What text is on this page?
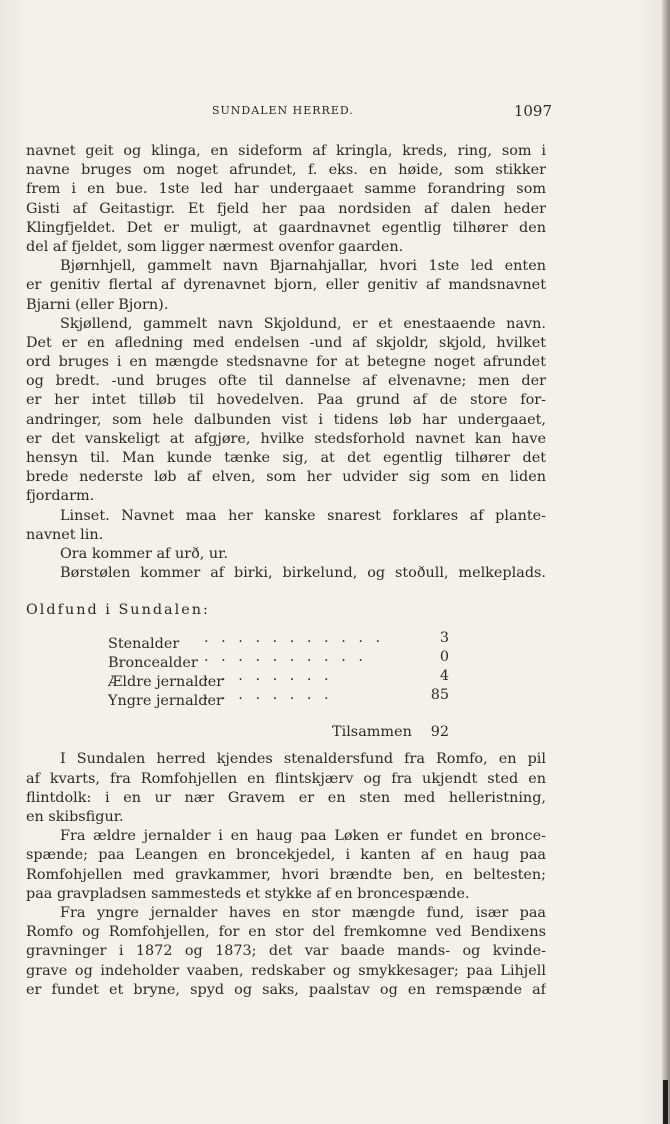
SUNDALEN HERRED.	1097
navnet geit og klinga, en sideform af kringla, kreds, ring, som i
navne bruges om noget afrundet, f. eks. en høide, som stikker
frem i en bue. 1ste led har undergaaet samme forandring som
Gisti af Geitastigr. Et fjeld her paa nordsiden af dalen heder
Klingfjeldet. Det er muligt, at gaardnavnet egentlig tilhører den
del af fjeldet, som ligger nærmest ovenfor gaarden.
Bjørnhjell, gammelt navn Bjarnahjallar, hvori 1ste led enten
er genitiv flertal af dyrenavnet bjorn, eller genitiv af mandsnavnet
Bjarni (eller Bjorn).
Skjøllend, gammelt navn Skjoldund, er et enestaaende navn.
Det er en afledning med endelsen -und af skjoldr, skjold, hvilket
ord bruges i en mængde stedsnavne for at betegne noget afrundet
og bredt. -und bruges ofte til dannelse af elvenavne; men der
er her intet tilløb til hovedelven. Paa grund af de store for-
andringer, som hele dalbunden vist i tidens løb har undergaaet,
er det vanskeligt at afgjøre, hvilke stedsforhold navnet kan have
hensyn til. Man kunde tænke sig, at det egentlig tilhører det
brede nederste løb af elven, som her udvider sig som en liden
fjordarm.
Linset. Navnet maa her kanske snarest forklares af plante-
navnet lin.
Ora kommer af urð, ur.
Børstølen kommer af birki, birkelund, og stoðull, melkeplads.
Oldfund i Sundalen:
Stenalder . . . . . . . . . . .	3
Broncealder . . . . . . . . . .	0
Ældre jernalder. . . . . . . .	4
Yngre jernalder. . . . . . . .	85
Tilsammen	92
I Sundalen herred kjendes stenaldersfund fra Romfo, en pil
af kvarts, fra Romfohjellen en flintskjærv og fra ukjendt sted en
flintdolk: i en ur nær Gravem er en sten med helleristning,
en skibsfigur.
Fra ældre jernalder i en haug paa Løken er fundet en bronce-
spænde; paa Leangen en broncekjedel, i kanten af en haug paa
Romfohjellen med gravkammer, hvori brændte ben, en beltesten;
paa gravpladsen sammesteds et stykke af en broncespænde.
Fra yngre jernalder haves en stor mængde fund, især paa
Romfo og Romfohjellen, for en stor del fremkomne ved Bendixens
gravninger i 1872 og 1873; det var baade mands- og kvinde-
grave og indeholder vaaben, redskaber og smykkesager; paa Lihjell
er fundet et bryne, spyd og saks, paalstav og en remspænde af
